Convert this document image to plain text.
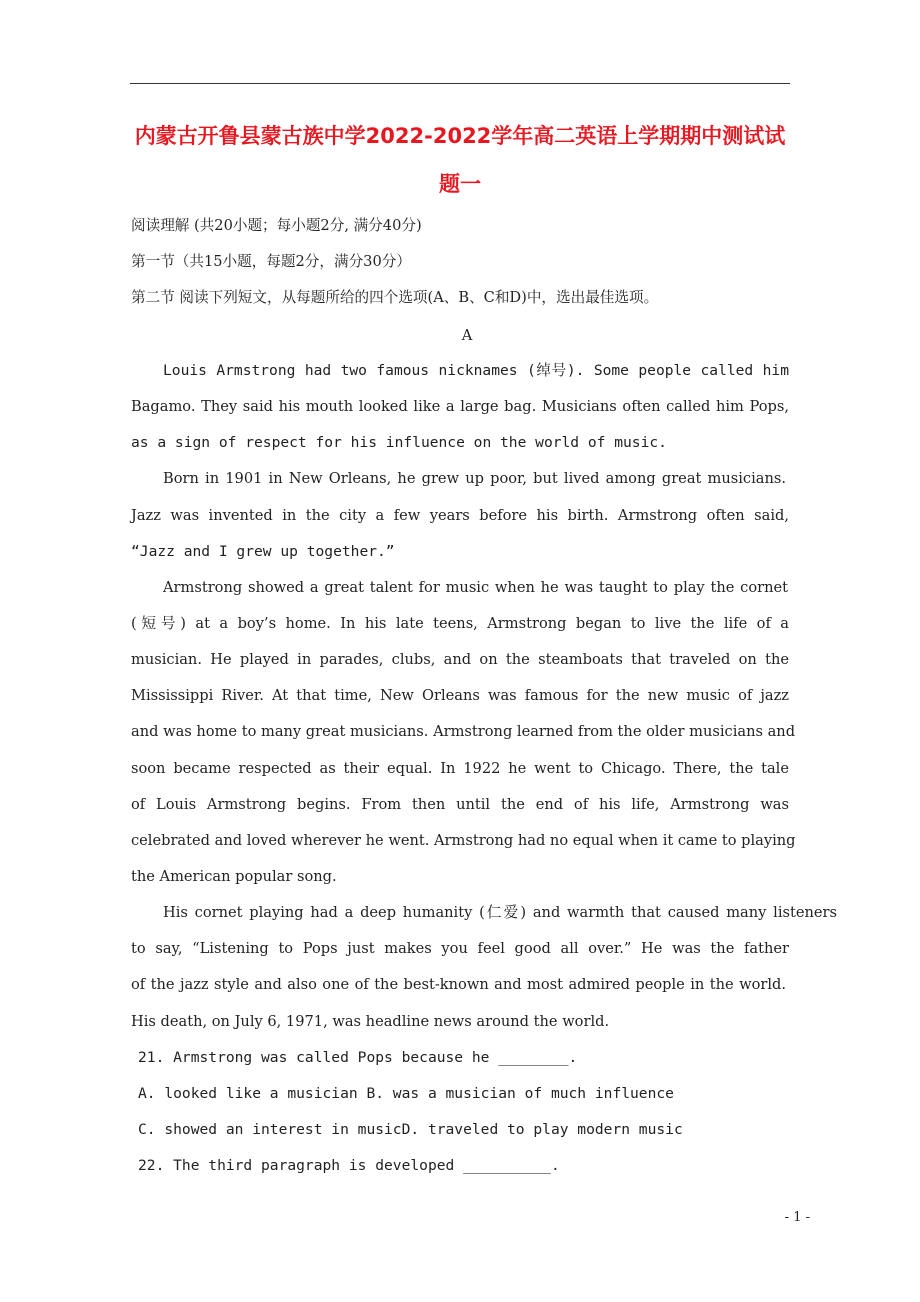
内蒙古开鲁县蒙古族中学2022-2022学年高二英语上学期期中测试试
题一
阅读理解 (共20小题；每小题2分, 满分40分)
第一节（共15小题，每题2分，满分30分）
第二节 阅读下列短文，从每题所给的四个选项(A、B、C和D)中，选出最佳选项。
A
Louis Armstrong had two famous nicknames (绰号). Some people called him
Bagamo. They said his mouth looked like a large bag. Musicians often called him Pops,
as a sign of respect for his influence on the world of music.
Born in 1901 in New Orleans, he grew up poor, but lived among great musicians.
Jazz was invented in the city a few years before his birth. Armstrong often said,
“Jazz and I grew up together.”
Armstrong showed a great talent for music when he was taught to play the cornet
(短号) at a boy’s home. In his late teens, Armstrong began to live the life of a
musician. He played in parades, clubs, and on the steamboats that traveled on the
Mississippi River. At that time, New Orleans was famous for the new music of jazz
and was home to many great musicians. Armstrong learned from the older musicians and
soon became respected as their equal. In 1922 he went to Chicago. There, the tale
of Louis Armstrong begins. From then until the end of his life, Armstrong was
celebrated and loved wherever he went. Armstrong had no equal when it came to playing
the American popular song.
His cornet playing had a deep humanity (仁爱) and warmth that caused many listeners
to say, “Listening to Pops just makes you feel good all over.” He was the father
of the jazz style and also one of the best-known and most admired people in the world.
His death, on July 6, 1971, was headline news around the world.
21. Armstrong was called Pops because he ________.
A. looked like a musician B. was a musician of much influence
C. showed an interest in musicD. traveled to play modern music
22. The third paragraph is developed __________.
- 1 -
